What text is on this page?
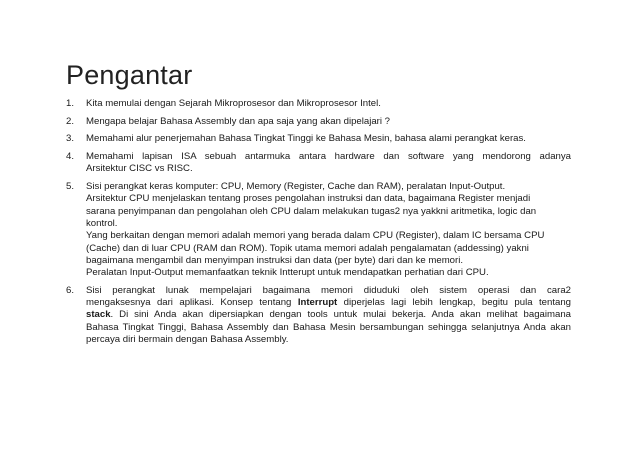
Pengantar
1.	Kita memulai dengan Sejarah Mikroprosesor dan Mikroprosesor Intel.
2.	Mengapa belajar Bahasa Assembly dan apa saja yang akan dipelajari ?
3.	Memahami alur penerjemahan Bahasa Tingkat Tinggi ke Bahasa Mesin, bahasa alami perangkat keras.
4.	Memahami lapisan ISA sebuah antarmuka antara hardware dan software yang mendorong adanya
Arsitektur CISC vs RISC.
5.	Sisi perangkat keras komputer: CPU, Memory (Register, Cache dan RAM), peralatan Input-Output.
Arsitektur CPU menjelaskan tentang proses pengolahan instruksi dan data, bagaimana Register menjadi
sarana penyimpanan dan pengolahan oleh CPU dalam melakukan tugas2 nya yakkni aritmetika, logic dan
kontrol.
Yang berkaitan dengan memori adalah memori yang berada dalam CPU (Register), dalam IC bersama CPU
(Cache) dan di luar CPU (RAM dan ROM). Topik utama memori adalah pengalamatan (addessing) yakni
bagaimana mengambil dan menyimpan instruksi dan data (per byte) dari dan ke memori.
Peralatan Input-Output memanfaatkan teknik Intterupt untuk mendapatkan perhatian dari CPU.
6.	Sisi perangkat lunak mempelajari bagaimana memori diduduki oleh sistem operasi dan cara2
mengaksesnya dari aplikasi. Konsep tentang Interrupt diperjelas lagi lebih lengkap, begitu pula tentang
stack. Di sini Anda akan dipersiapkan dengan tools untuk mulai bekerja. Anda akan melihat bagaimana
Bahasa Tingkat Tinggi, Bahasa Assembly dan Bahasa Mesin bersambungan sehingga selanjutnya Anda akan
percaya diri bermain dengan Bahasa Assembly.
